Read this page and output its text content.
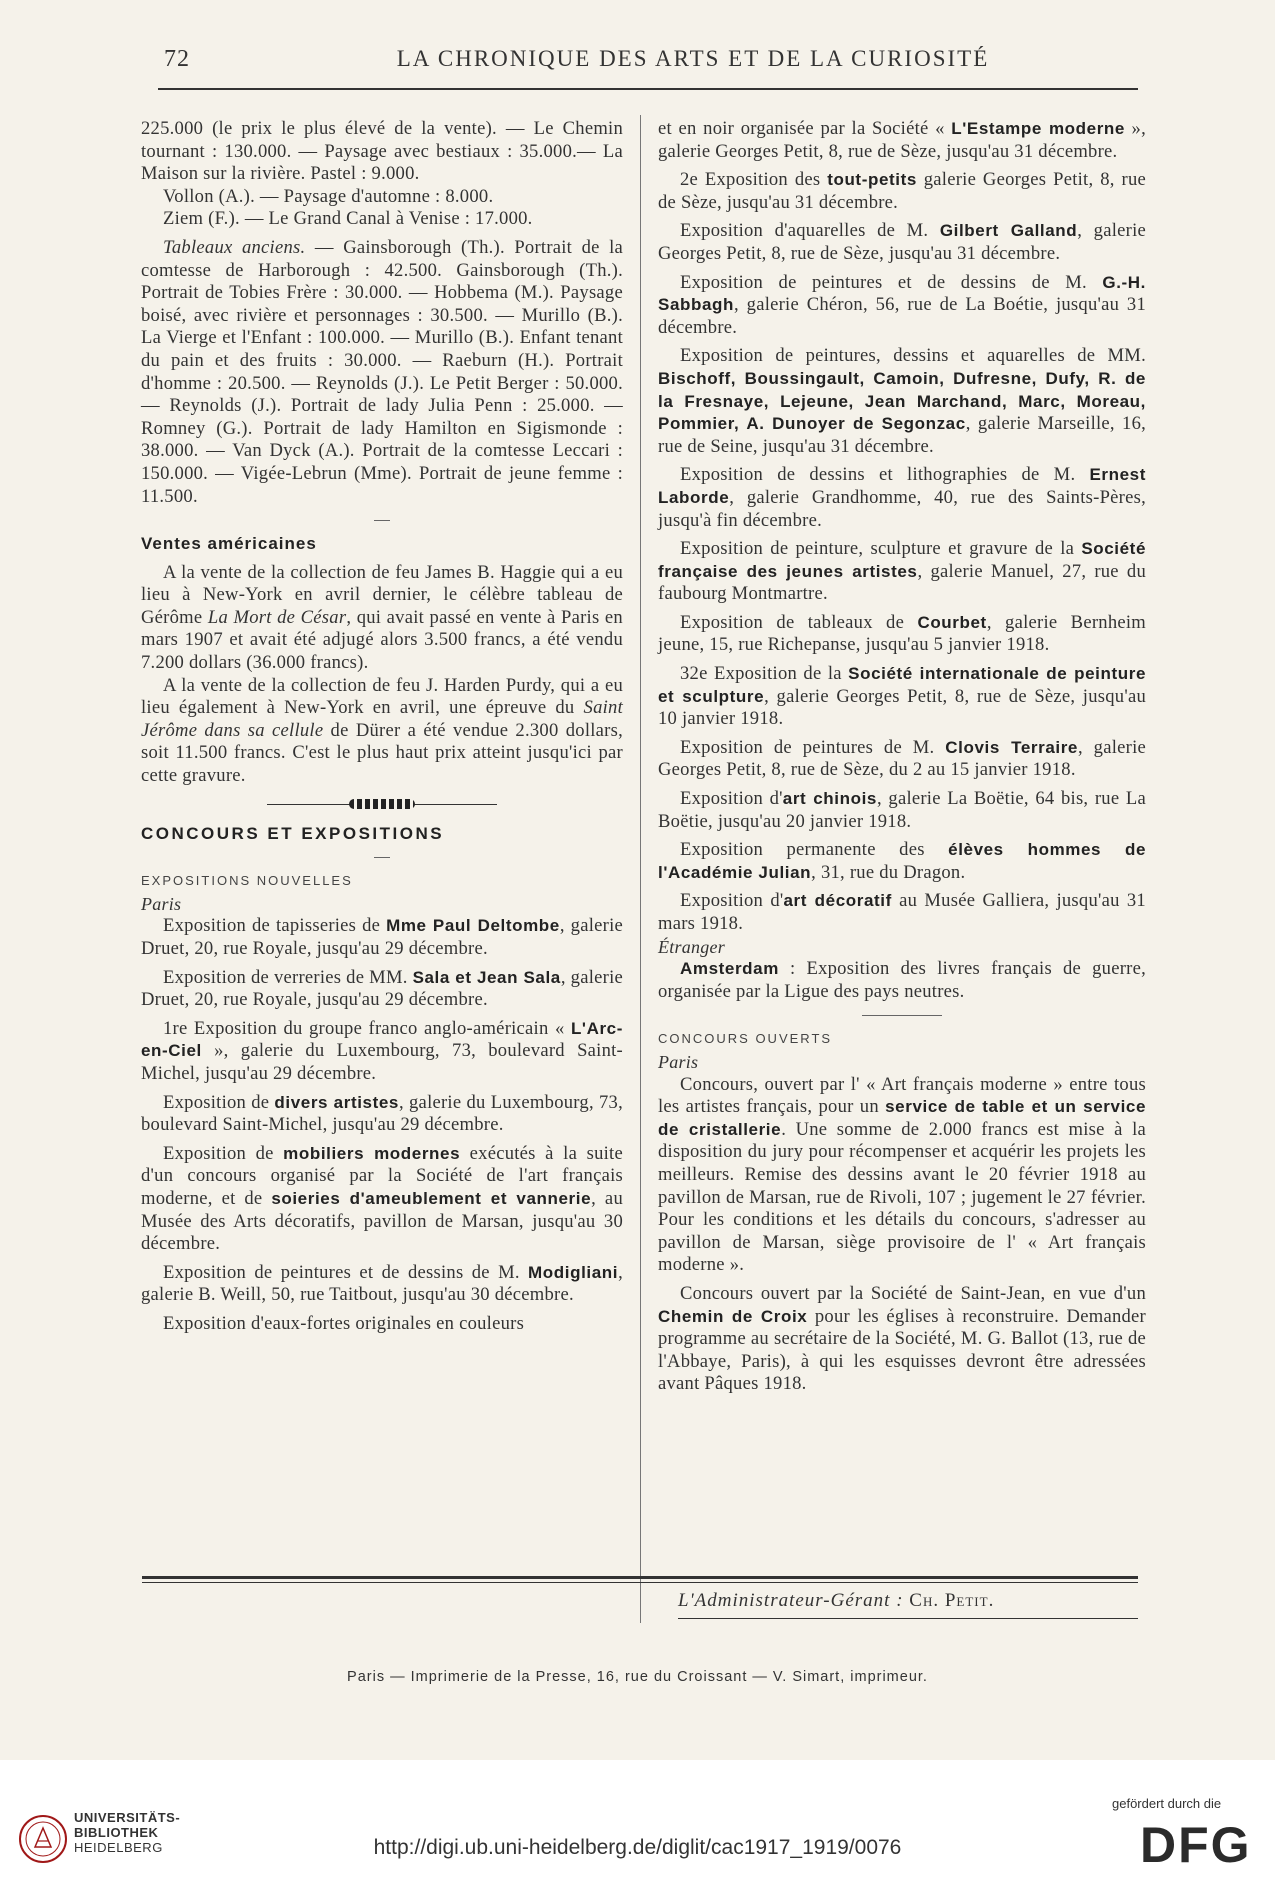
72	LA CHRONIQUE DES ARTS ET DE LA CURIOSITÉ

225.000 (le prix le plus élevé de la vente). — Le Chemin tournant : 130.000. — Paysage avec bestiaux : 35.000.— La Maison sur la rivière. Pastel : 9.000.

Vollon (A.). — Paysage d'automne : 8.000.

Ziem (F.). — Le Grand Canal à Venise : 17.000.

Tableaux anciens. — Gainsborough (Th.). Portrait de la comtesse de Harborough : 42.500. Gainsborough (Th.). Portrait de Tobies Frère : 30.000. — Hobbema (M.). Paysage boisé, avec rivière et personnages : 30.500. — Murillo (B.). La Vierge et l'Enfant : 100.000. — Murillo (B.). Enfant tenant du pain et des fruits : 30.000. — Raeburn (H.). Portrait d'homme : 20.500. — Reynolds (J.). Le Petit Berger : 50.000. — Reynolds (J.). Portrait de lady Julia Penn : 25.000. — Romney (G.). Portrait de lady Hamilton en Sigismonde : 38.000. — Van Dyck (A.). Portrait de la comtesse Leccari : 150.000. — Vigée-Lebrun (Mme). Portrait de jeune femme : 11.500.

Ventes américaines

A la vente de la collection de feu James B. Haggie qui a eu lieu à New-York en avril dernier, le célèbre tableau de Gérôme La Mort de César, qui avait passé en vente à Paris en mars 1907 et avait été adjugé alors 3.500 francs, a été vendu 7.200 dollars (36.000 francs).

A la vente de la collection de feu J. Harden Purdy, qui a eu lieu également à New-York en avril, une épreuve du Saint Jérôme dans sa cellule de Dürer a été vendue 2.300 dollars, soit 11.500 francs. C'est le plus haut prix atteint jusqu'ici par cette gravure.

CONCOURS ET EXPOSITIONS

EXPOSITIONS NOUVELLES

Paris

Exposition de tapisseries de Mme Paul Deltombe, galerie Druet, 20, rue Royale, jusqu'au 29 décembre.

Exposition de verreries de MM. Sala et Jean Sala, galerie Druet, 20, rue Royale, jusqu'au 29 décembre.

1re Exposition du groupe franco anglo-américain « L'Arc-en-Ciel », galerie du Luxembourg, 73, boulevard Saint-Michel, jusqu'au 29 décembre.

Exposition de divers artistes, galerie du Luxembourg, 73, boulevard Saint-Michel, jusqu'au 29 décembre.

Exposition de mobiliers modernes exécutés à la suite d'un concours organisé par la Société de l'art français moderne, et de soieries d'ameublement et vannerie, au Musée des Arts décoratifs, pavillon de Marsan, jusqu'au 30 décembre.

Exposition de peintures et de dessins de M. Modigliani, galerie B. Weill, 50, rue Taitbout, jusqu'au 30 décembre.

Exposition d'eaux-fortes originales en couleurs

et en noir organisée par la Société « L'Estampe moderne », galerie Georges Petit, 8, rue de Sèze, jusqu'au 31 décembre.

2e Exposition des tout-petits galerie Georges Petit, 8, rue de Sèze, jusqu'au 31 décembre.

Exposition d'aquarelles de M. Gilbert Galland, galerie Georges Petit, 8, rue de Sèze, jusqu'au 31 décembre.

Exposition de peintures et de dessins de M. G.-H. Sabbagh, galerie Chéron, 56, rue de La Boétie, jusqu'au 31 décembre.

Exposition de peintures, dessins et aquarelles de MM. Bischoff, Boussingault, Camoin, Dufresne, Dufy, R. de la Fresnaye, Lejeune, Jean Marchand, Marc, Moreau, Pommier, A. Dunoyer de Segonzac, galerie Marseille, 16, rue de Seine, jusqu'au 31 décembre.

Exposition de dessins et lithographies de M. Ernest Laborde, galerie Grandhomme, 40, rue des Saints-Pères, jusqu'à fin décembre.

Exposition de peinture, sculpture et gravure de la Société française des jeunes artistes, galerie Manuel, 27, rue du faubourg Montmartre.

Exposition de tableaux de Courbet, galerie Bernheim jeune, 15, rue Richepanse, jusqu'au 5 janvier 1918.

32e Exposition de la Société internationale de peinture et sculpture, galerie Georges Petit, 8, rue de Sèze, jusqu'au 10 janvier 1918.

Exposition de peintures de M. Clovis Terraire, galerie Georges Petit, 8, rue de Sèze, du 2 au 15 janvier 1918.

Exposition d'art chinois, galerie La Boëtie, 64 bis, rue La Boëtie, jusqu'au 20 janvier 1918.

Exposition permanente des élèves hommes de l'Académie Julian, 31, rue du Dragon.

Exposition d'art décoratif au Musée Galliera, jusqu'au 31 mars 1918.

Étranger

Amsterdam : Exposition des livres français de guerre, organisée par la Ligue des pays neutres.

CONCOURS OUVERTS

Paris

Concours, ouvert par l' « Art français moderne » entre tous les artistes français, pour un service de table et un service de cristallerie. Une somme de 2.000 francs est mise à la disposition du jury pour récompenser et acquérir les projets les meilleurs. Remise des dessins avant le 20 février 1918 au pavillon de Marsan, rue de Rivoli, 107 ; jugement le 27 février. Pour les conditions et les détails du concours, s'adresser au pavillon de Marsan, siège provisoire de l' « Art français moderne ».

Concours ouvert par la Société de Saint-Jean, en vue d'un Chemin de Croix pour les églises à reconstruire. Demander programme au secrétaire de la Société, M. G. Ballot (13, rue de l'Abbaye, Paris), à qui les esquisses devront être adressées avant Pâques 1918.

L'Administrateur-Gérant : Ch. Petit.
Paris — Imprimerie de la Presse, 16, rue du Croissant — V. Simart, imprimeur.
UNIVERSITÄTS-
BIBLIOTHEK
HEIDELBERG	http://digi.ub.uni-heidelberg.de/diglit/cac1917_1919/0076
gefördert durch die
DFG
